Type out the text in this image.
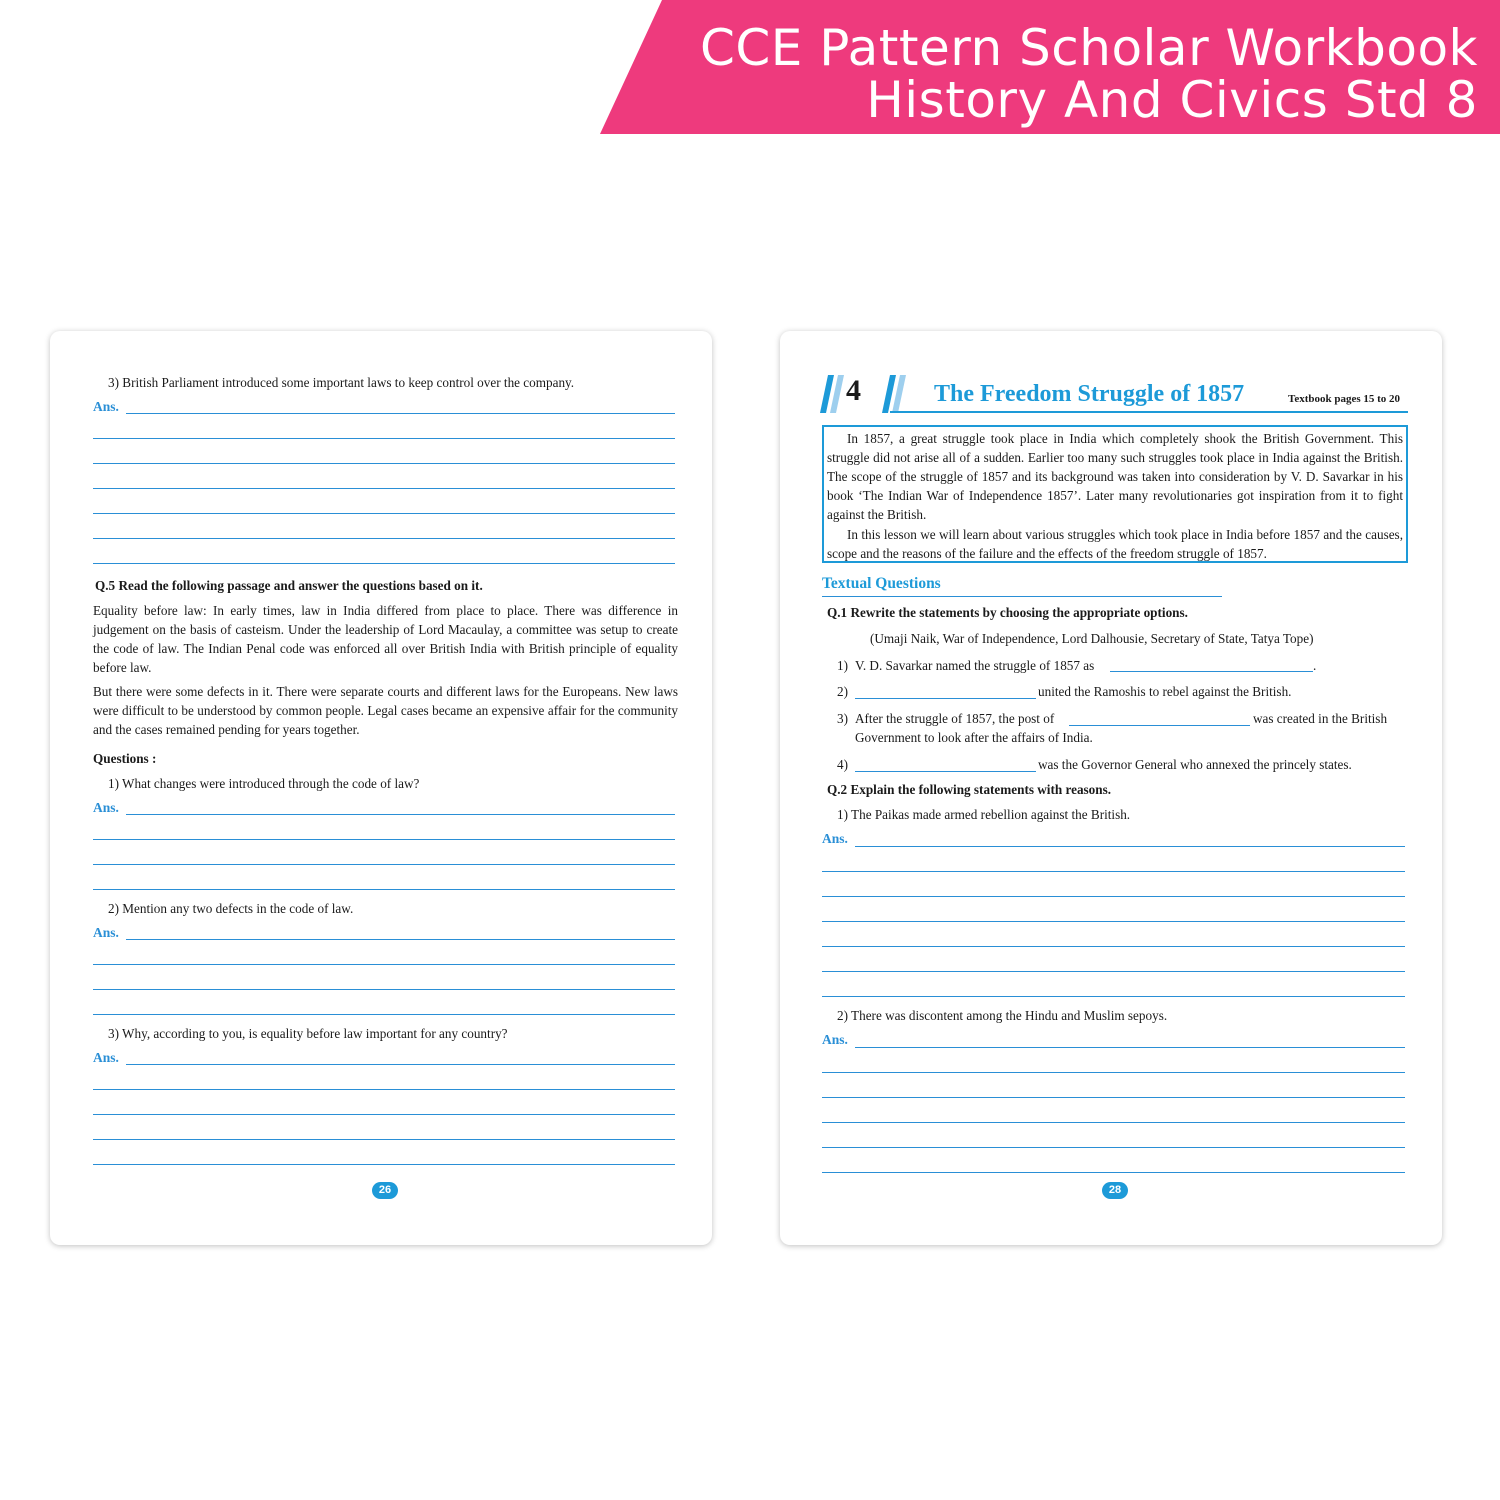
CCE Pattern Scholar Workbook
History And Civics Std 8
3) British Parliament introduced some important laws to keep control over the company.
Ans.
Q.5 Read the following passage and answer the questions based on it.
Equality before law: In early times, law in India differed from place to place. There was difference in judgement on the basis of casteism. Under the leadership of Lord Macaulay, a committee was setup to create the code of law. The Indian Penal code was enforced all over British India with British principle of equality before law.
But there were some defects in it. There were separate courts and different laws for the Europeans. New laws were difficult to be understood by common people. Legal cases became an expensive affair for the community and the cases remained pending for years together.
Questions :
1) What changes were introduced through the code of law?
Ans.
2) Mention any two defects in the code of law.
Ans.
3) Why, according to you, is equality before law important for any country?
Ans.
26
4	The Freedom Struggle of 1857	Textbook pages 15 to 20
In 1857, a great struggle took place in India which completely shook the British Government. This struggle did not arise all of a sudden. Earlier too many such struggles took place in India against the British. The scope of the struggle of 1857 and its background was taken into consideration by V. D. Savarkar in his book ‘The Indian War of Independence 1857’. Later many revolutionaries got inspiration from it to fight against the British.
In this lesson we will learn about various struggles which took place in India before 1857 and the causes, scope and the reasons of the failure and the effects of the freedom struggle of 1857.
Textual Questions
Q.1 Rewrite the statements by choosing the appropriate options.
(Umaji Naik, War of Independence, Lord Dalhousie, Secretary of State, Tatya Tope)
1) V. D. Savarkar named the struggle of 1857 as	.
2)	united the Ramoshis to rebel against the British.
3) After the struggle of 1857, the post of	was created in the British
Government to look after the affairs of India.
4)	was the Governor General who annexed the princely states.
Q.2 Explain the following statements with reasons.
1) The Paikas made armed rebellion against the British.
Ans.
2) There was discontent among the Hindu and Muslim sepoys.
Ans.
28
